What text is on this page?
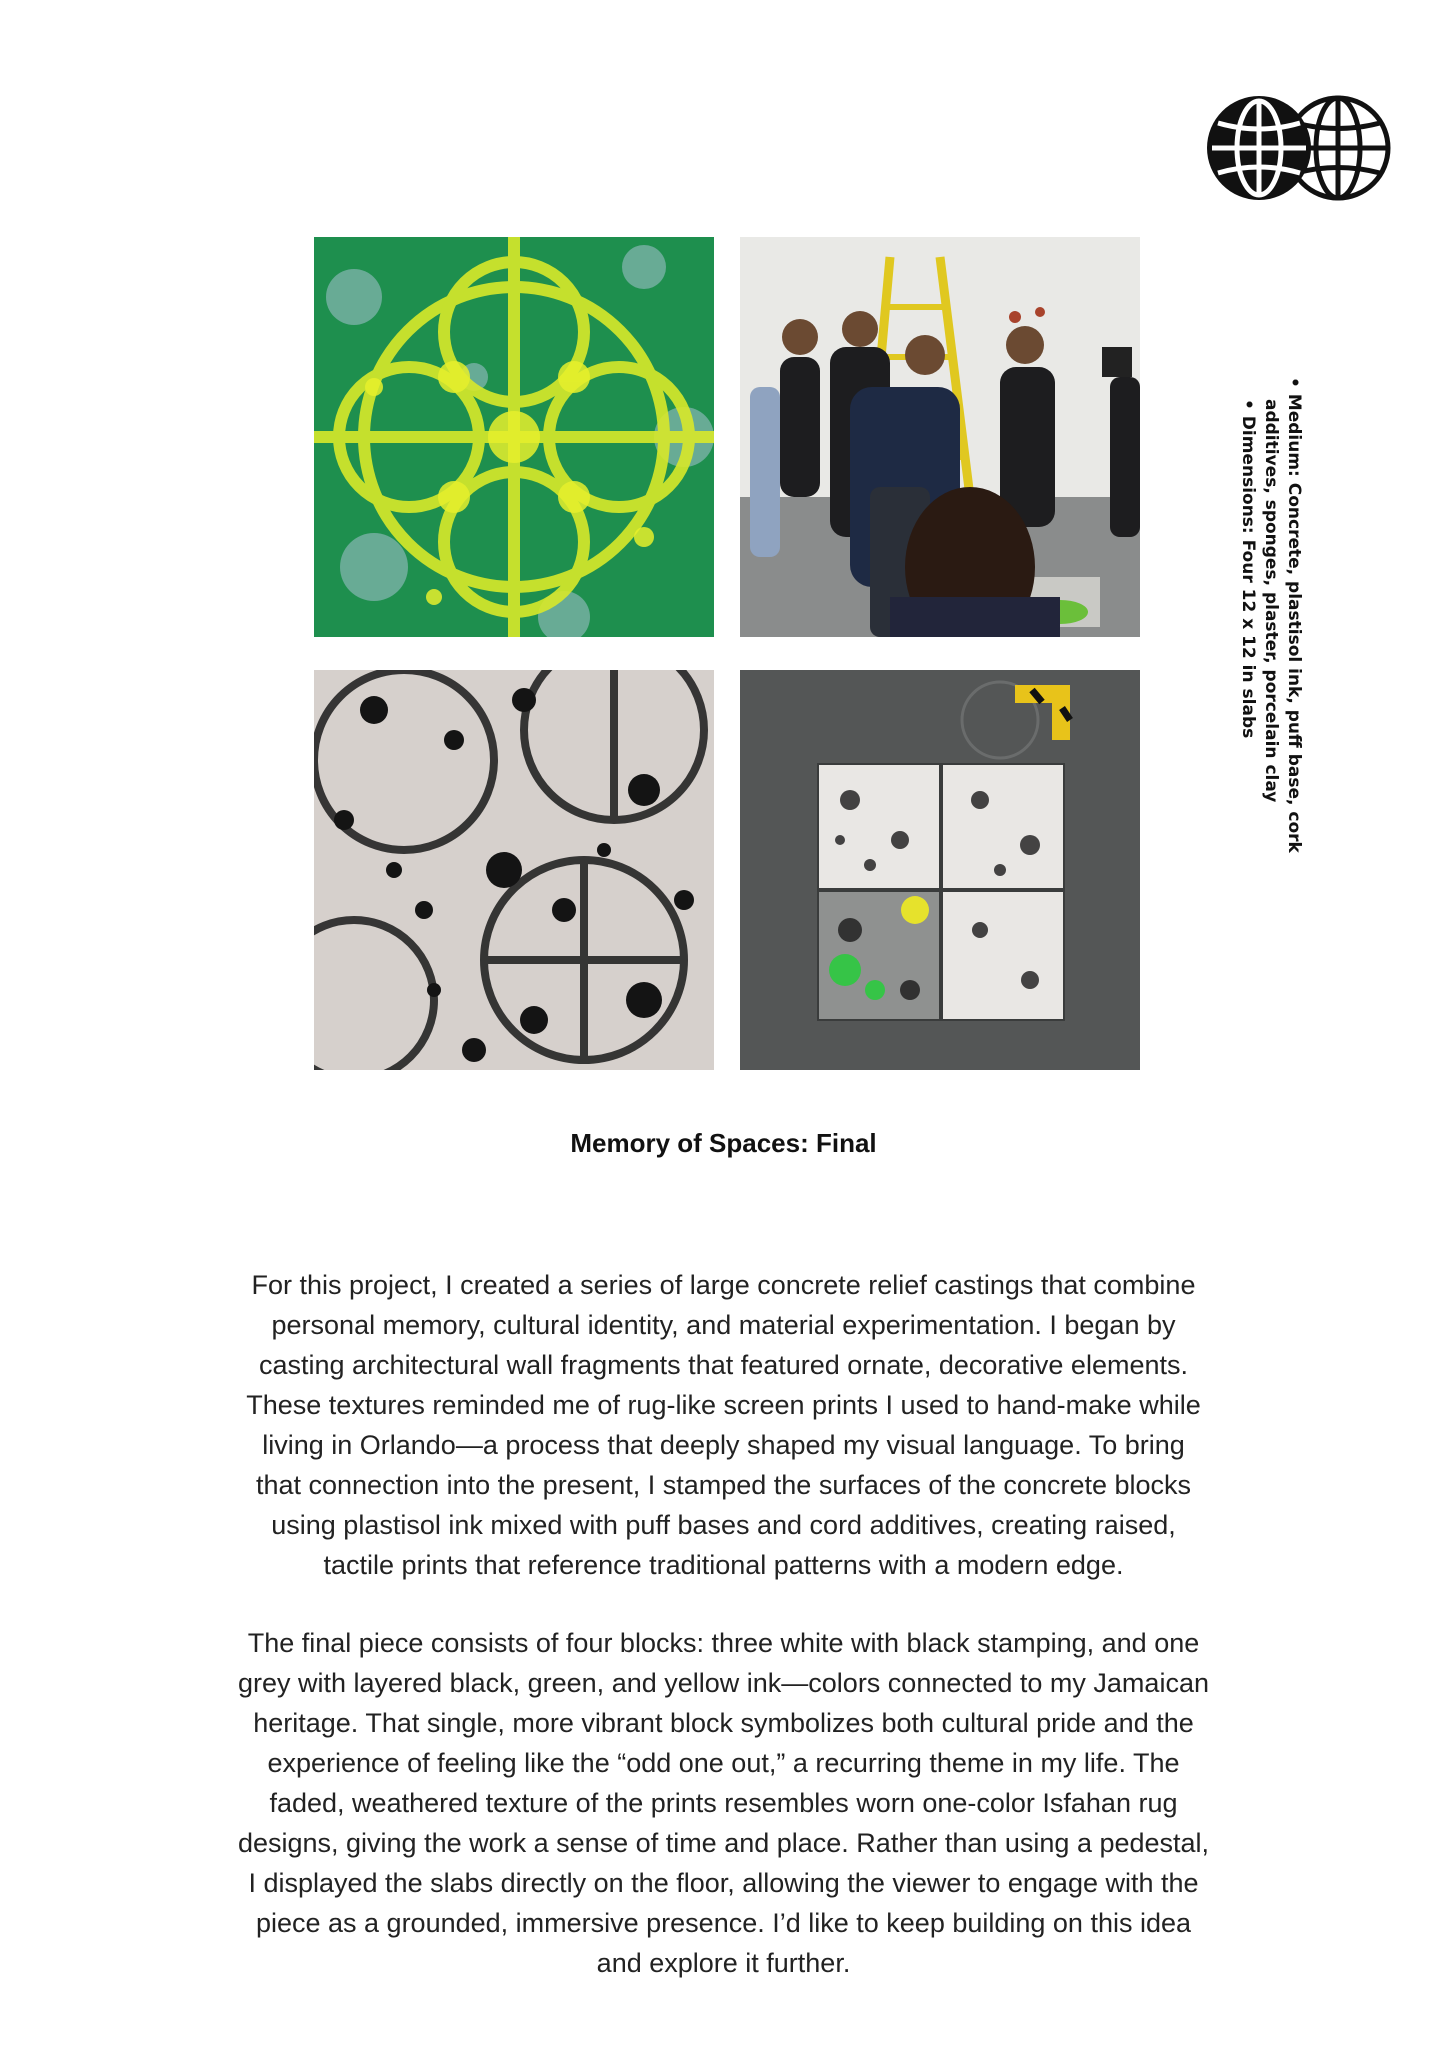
• Medium: Concrete, plastisol ink, puff base, cork
additives, sponges, plaster, porcelain clay
• Dimensions: Four 12 x 12 in slabs
Memory of Spaces: Final
For this project, I created a series of large concrete relief castings that combine
personal memory, cultural identity, and material experimentation. I began by
casting architectural wall fragments that featured ornate, decorative elements.
These textures reminded me of rug-like screen prints I used to hand-make while
living in Orlando—a process that deeply shaped my visual language. To bring
that connection into the present, I stamped the surfaces of the concrete blocks
using plastisol ink mixed with puff bases and cord additives, creating raised,
tactile prints that reference traditional patterns with a modern edge.
The final piece consists of four blocks: three white with black stamping, and one
grey with layered black, green, and yellow ink—colors connected to my Jamaican
heritage. That single, more vibrant block symbolizes both cultural pride and the
experience of feeling like the “odd one out,” a recurring theme in my life. The
faded, weathered texture of the prints resembles worn one-color Isfahan rug
designs, giving the work a sense of time and place. Rather than using a pedestal,
I displayed the slabs directly on the floor, allowing the viewer to engage with the
piece as a grounded, immersive presence. I’d like to keep building on this idea
and explore it further.
